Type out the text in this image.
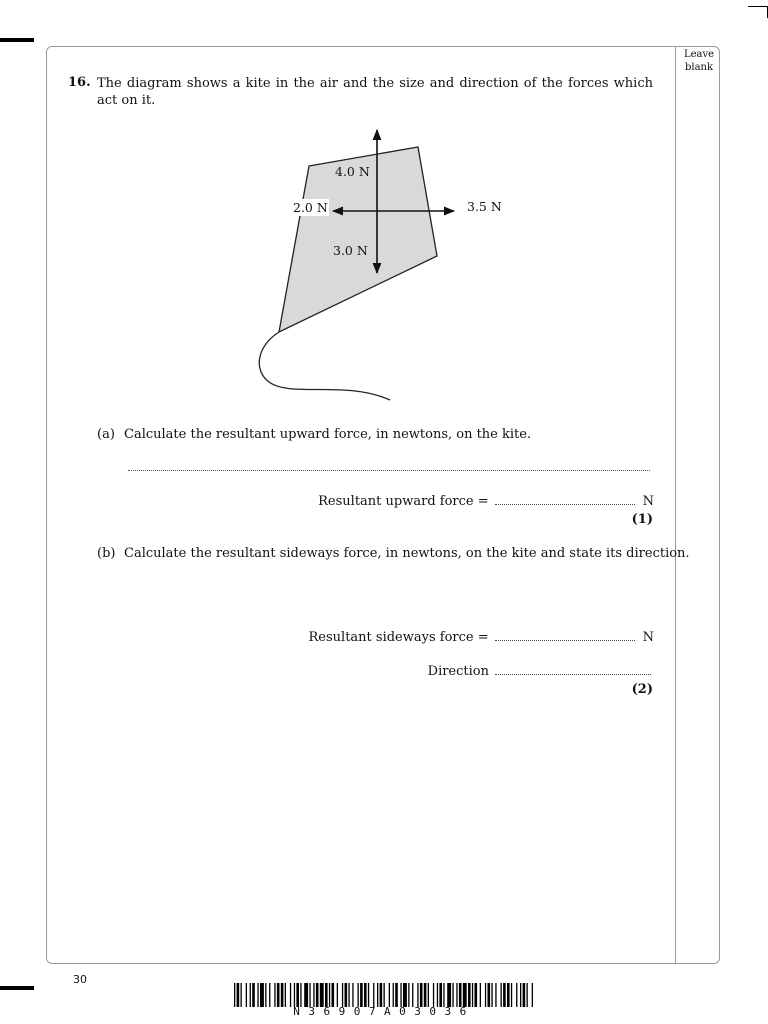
Leave blank
16. The diagram shows a kite in the air and the size and direction of the forces which act on it.
4.0 N
2.0 N	3.5 N
3.0 N
(a) Calculate the resultant upward force, in newtons, on the kite.
Resultant upward force =	N
(1)
(b) Calculate the resultant sideways force, in newtons, on the kite and state its direction.
Resultant sideways force =	N
Direction
(2)
30
N36907A03036
